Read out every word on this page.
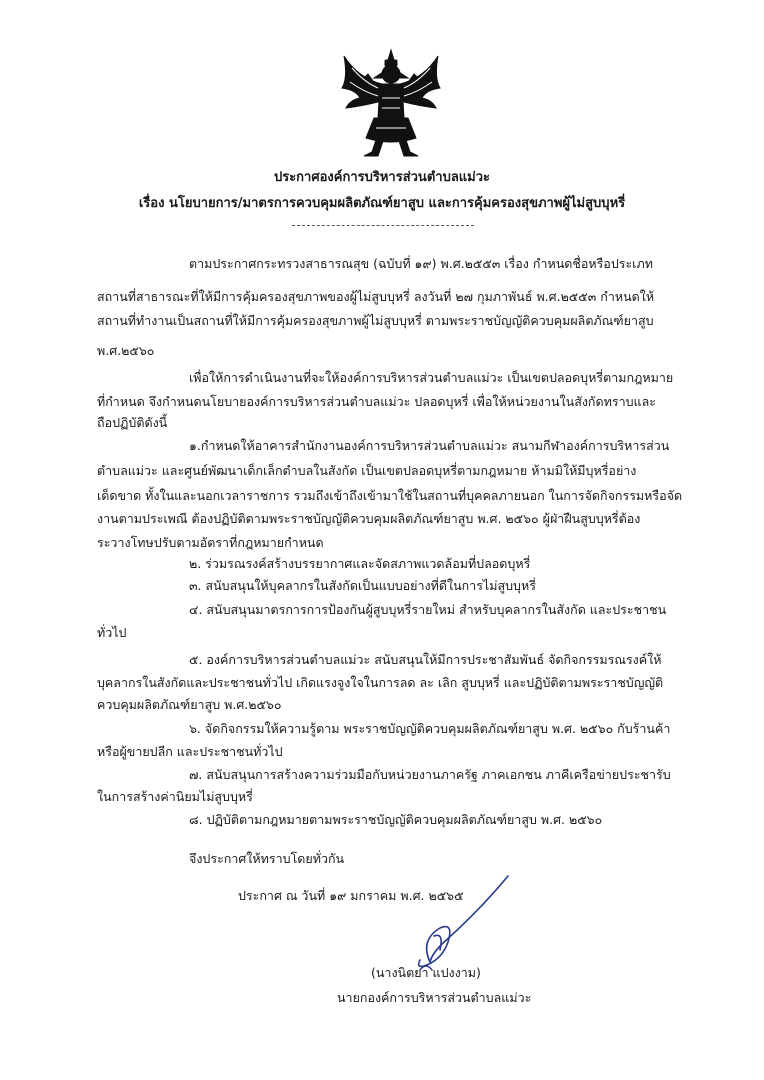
ประกาศองค์การบริหารส่วนตำบลแม่วะ
เรื่อง นโยบายการ/มาตรการควบคุมผลิตภัณฑ์ยาสูบ และการคุ้มครองสุขภาพผู้ไม่สูบบุหรี่
ตามประกาศกระทรวงสาธารณสุข (ฉบับที่ ๑๙) พ.ศ.๒๕๕๓ เรื่อง กำหนดชื่อหรือประเภท
สถานที่สาธารณะที่ให้มีการคุ้มครองสุขภาพของผู้ไม่สูบบุหรี่ ลงวันที่ ๒๗ กุมภาพันธ์ พ.ศ.๒๕๕๓ กำหนดให้
สถานที่ทำงานเป็นสถานที่ให้มีการคุ้มครองสุขภาพผู้ไม่สูบบุหรี่ ตามพระราชบัญญัติควบคุมผลิตภัณฑ์ยาสูบ
พ.ศ.๒๕๖๐
เพื่อให้การดำเนินงานที่จะให้องค์การบริหารส่วนตำบลแม่วะ เป็นเขตปลอดบุหรี่ตามกฎหมาย
ที่กำหนด จึงกำหนดนโยบายองค์การบริหารส่วนตำบลแม่วะ ปลอดบุหรี่ เพื่อให้หน่วยงานในสังกัดทราบและ
ถือปฏิบัติดังนี้
๑.กำหนดให้อาคารสำนักงานองค์การบริหารส่วนตำบลแม่วะ สนามกีฬาองค์การบริหารส่วน
ตำบลแม่วะ และศูนย์พัฒนาเด็กเล็กตำบลในสังกัด เป็นเขตปลอดบุหรี่ตามกฎหมาย ห้ามมิให้มีบุหรี่อย่าง
เด็ดขาด ทั้งในและนอกเวลาราชการ รวมถึงเข้าถึงเข้ามาใช้ในสถานที่บุคคลภายนอก ในการจัดกิจกรรมหรือจัด
งานตามประเพณี ต้องปฏิบัติตามพระราชบัญญัติควบคุมผลิตภัณฑ์ยาสูบ พ.ศ. ๒๕๖๐ ผู้ฝ่าฝืนสูบบุหรี่ต้อง
ระวางโทษปรับตามอัตราที่กฎหมายกำหนด
๒. ร่วมรณรงค์สร้างบรรยากาศและจัดสภาพแวดล้อมที่ปลอดบุหรี่
๓. สนับสนุนให้บุคลากรในสังกัดเป็นแบบอย่างที่ดีในการไม่สูบบุหรี่
๔. สนับสนุนมาตรการการป้องกันผู้สูบบุหรี่รายใหม่ สำหรับบุคลากรในสังกัด และประชาชน
ทั่วไป
๕. องค์การบริหารส่วนตำบลแม่วะ สนับสนุนให้มีการประชาสัมพันธ์ จัดกิจกรรมรณรงค์ให้
บุคลากรในสังกัดและประชาชนทั่วไป เกิดแรงจูงใจในการลด ละ เลิก สูบบุหรี่ และปฏิบัติตามพระราชบัญญัติ
ควบคุมผลิตภัณฑ์ยาสูบ พ.ศ.๒๕๖๐
๖. จัดกิจกรรมให้ความรู้ตาม พระราชบัญญัติควบคุมผลิตภัณฑ์ยาสูบ พ.ศ. ๒๕๖๐ กับร้านค้า
หรือผู้ขายปลีก และประชาชนทั่วไป
๗. สนับสนุนการสร้างความร่วมมือกับหน่วยงานภาครัฐ ภาคเอกชน ภาคีเครือข่ายประชารับ
ในการสร้างค่านิยมไม่สูบบุหรี่
๘. ปฏิบัติตามกฎหมายตามพระราชบัญญัติควบคุมผลิตภัณฑ์ยาสูบ พ.ศ. ๒๕๖๐
จึงประกาศให้ทราบโดยทั่วกัน
ประกาศ ณ วันที่ ๑๙ มกราคม พ.ศ. ๒๕๖๕
(นางนิตยา แปงงาม)
นายกองค์การบริหารส่วนตำบลแม่วะ
